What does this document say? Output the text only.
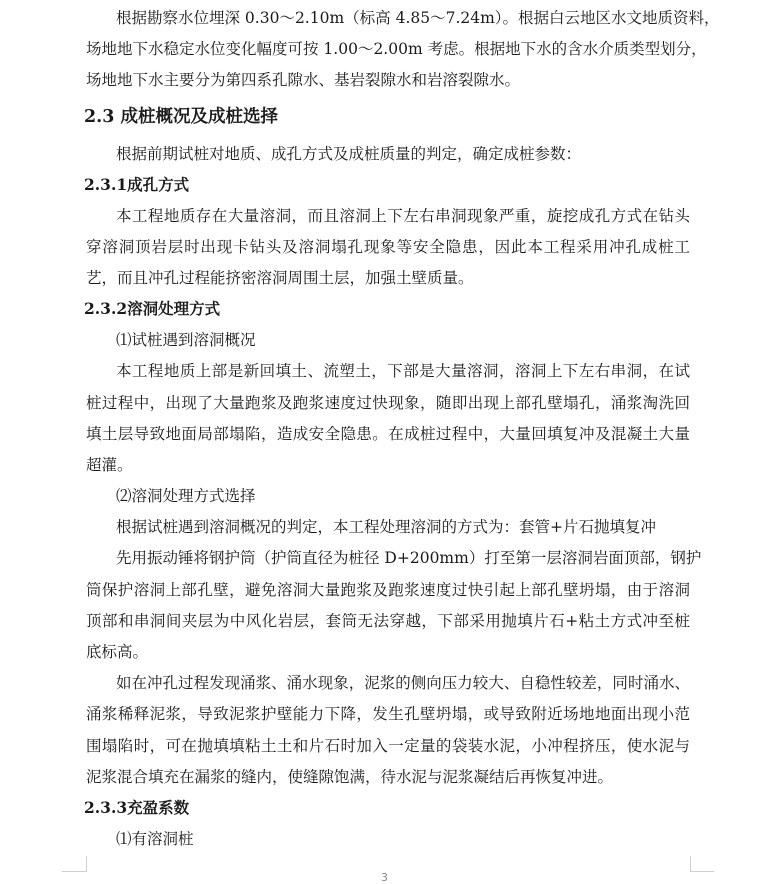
根据勘察水位埋深 0.30～2.10m（标高 4.85～7.24m）。根据白云地区水文地质资料，
场地地下水稳定水位变化幅度可按 1.00～2.00m 考虑。根据地下水的含水介质类型划分，
场地地下水主要分为第四系孔隙水、基岩裂隙水和岩溶裂隙水。
2.3 成桩概况及成桩选择
根据前期试桩对地质、成孔方式及成桩质量的判定，确定成桩参数：
2.3.1成孔方式
本工程地质存在大量溶洞，而且溶洞上下左右串洞现象严重，旋挖成孔方式在钻头
穿溶洞顶岩层时出现卡钻头及溶洞塌孔现象等安全隐患，因此本工程采用冲孔成桩工
艺，而且冲孔过程能挤密溶洞周围土层，加强土壁质量。
2.3.2溶洞处理方式
⑴试桩遇到溶洞概况
本工程地质上部是新回填土、流塑土，下部是大量溶洞，溶洞上下左右串洞，在试
桩过程中，出现了大量跑浆及跑浆速度过快现象，随即出现上部孔壁塌孔，涌浆淘洗回
填土层导致地面局部塌陷，造成安全隐患。在成桩过程中，大量回填复冲及混凝土大量
超灌。
⑵溶洞处理方式选择
根据试桩遇到溶洞概况的判定，本工程处理溶洞的方式为：套管+片石抛填复冲
先用振动锤将钢护筒（护筒直径为桩径 D+200mm）打至第一层溶洞岩面顶部，钢护
筒保护溶洞上部孔壁，避免溶洞大量跑浆及跑浆速度过快引起上部孔壁坍塌，由于溶洞
顶部和串洞间夹层为中风化岩层，套筒无法穿越，下部采用抛填片石+粘土方式冲至桩
底标高。
如在冲孔过程发现涌浆、涌水现象，泥浆的侧向压力较大、自稳性较差，同时涌水、
涌浆稀释泥浆，导致泥浆护壁能力下降，发生孔壁坍塌，或导致附近场地地面出现小范
围塌陷时，可在抛填填粘土土和片石时加入一定量的袋装水泥，小冲程挤压，使水泥与
泥浆混合填充在漏浆的缝内，使缝隙饱满，待水泥与泥浆凝结后再恢复冲进。
2.3.3充盈系数
⑴有溶洞桩
3
